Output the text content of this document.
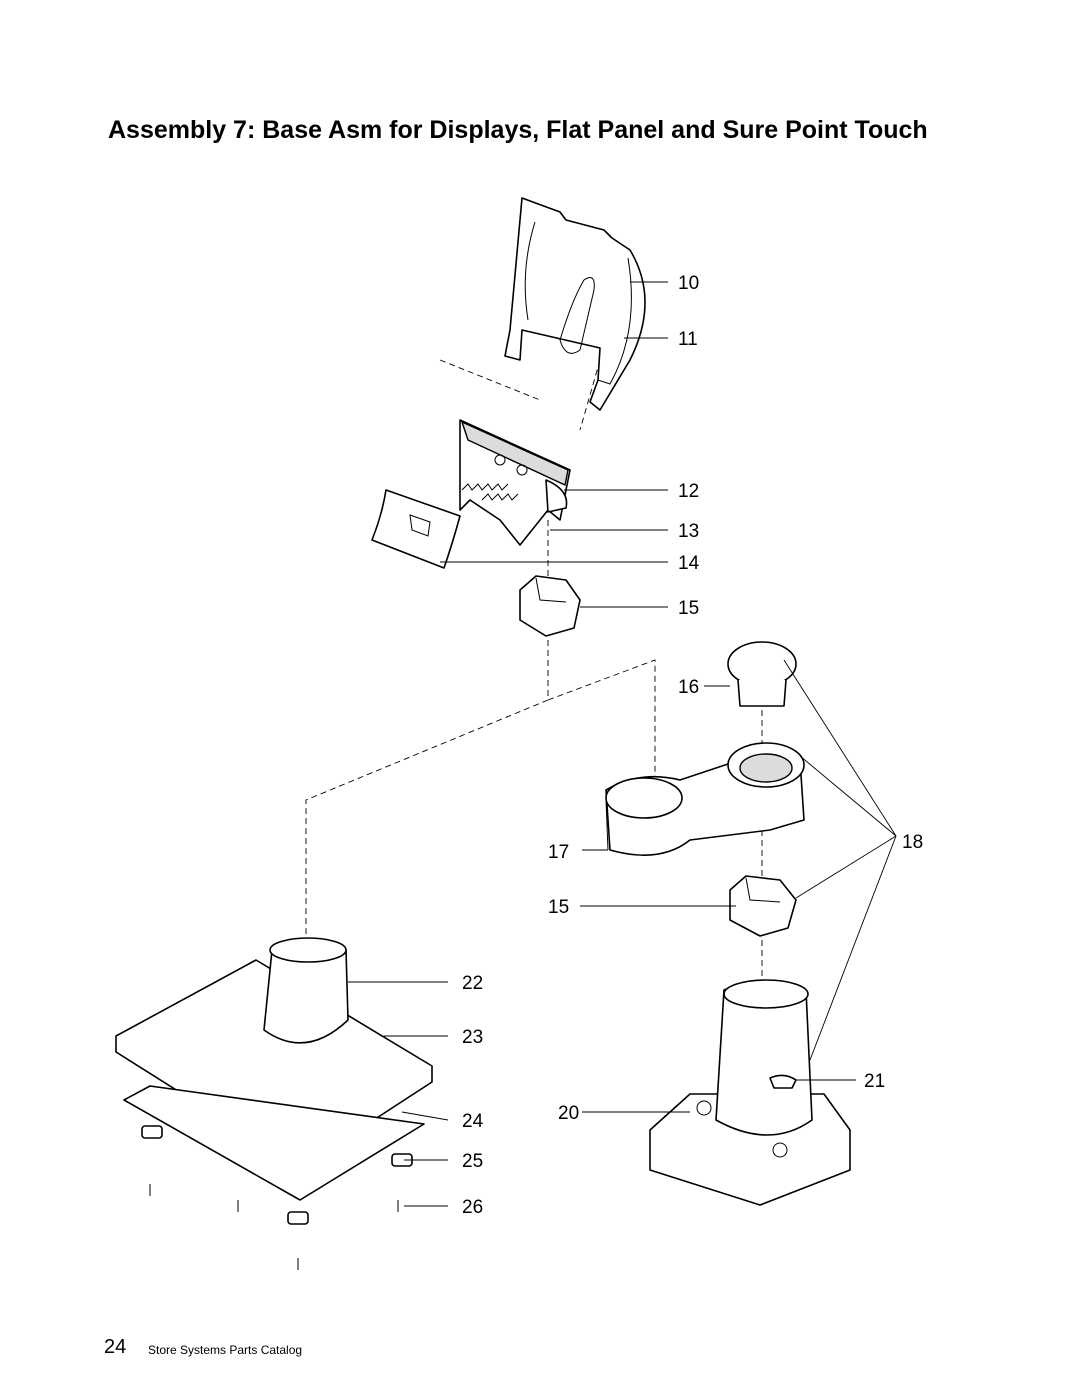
Assembly 7: Base Asm for Displays, Flat Panel and Sure Point Touch
10
11
12
13
14
15
16
17	18
15
22
23
24
25
26
20
21
24 Store Systems Parts Catalog
